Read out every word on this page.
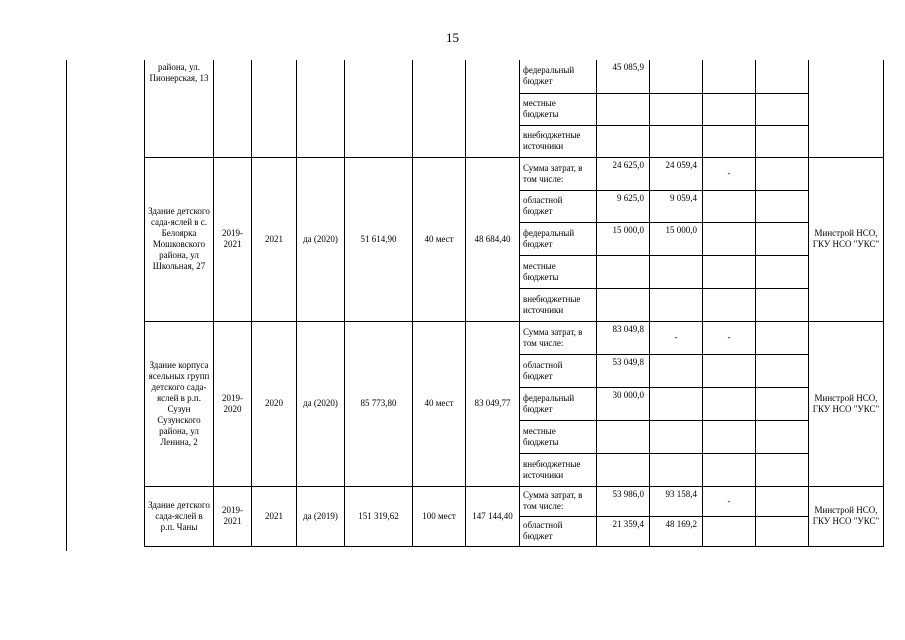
15
района, ул. Пионерская, 13							федеральный бюджет	45 085,9				
							местные бюджеты					
							внебюджетные источники					
Здание детского сада-яслей в с. Белоярка Мошковского района, ул Школьная, 27	2019-2021	2021	да (2020)	51 614,90	40 мест	48 684,40	Сумма затрат, в том числе:	24 625,0	24 059,4	-		Минстрой НСО, ГКУ НСО "УКС"
							областной бюджет	9 625,0	9 059,4			
							федеральный бюджет	15 000,0	15 000,0			
							местные бюджеты					
							внебюджетные источники					
Здание корпуса ясельных групп детского сада-яслей в р.п. Сузун Сузунского района, ул Ленина, 2	2019-2020	2020	да (2020)	85 773,80	40 мест	83 049,77	Сумма затрат, в том числе:	83 049,8	-	-		Минстрой НСО, ГКУ НСО "УКС"
							областной бюджет	53 049,8				
							федеральный бюджет	30 000,0				
							местные бюджеты					
							внебюджетные источники					
Здание детского сада-яслей в р.п. Чаны	2019-2021	2021	да (2019)	151 319,62	100 мест	147 144,40	Сумма затрат, в том числе:	53 986,0	93 158,4	-		Минстрой НСО, ГКУ НСО "УКС"
							областной бюджет	21 359,4	48 169,2			
